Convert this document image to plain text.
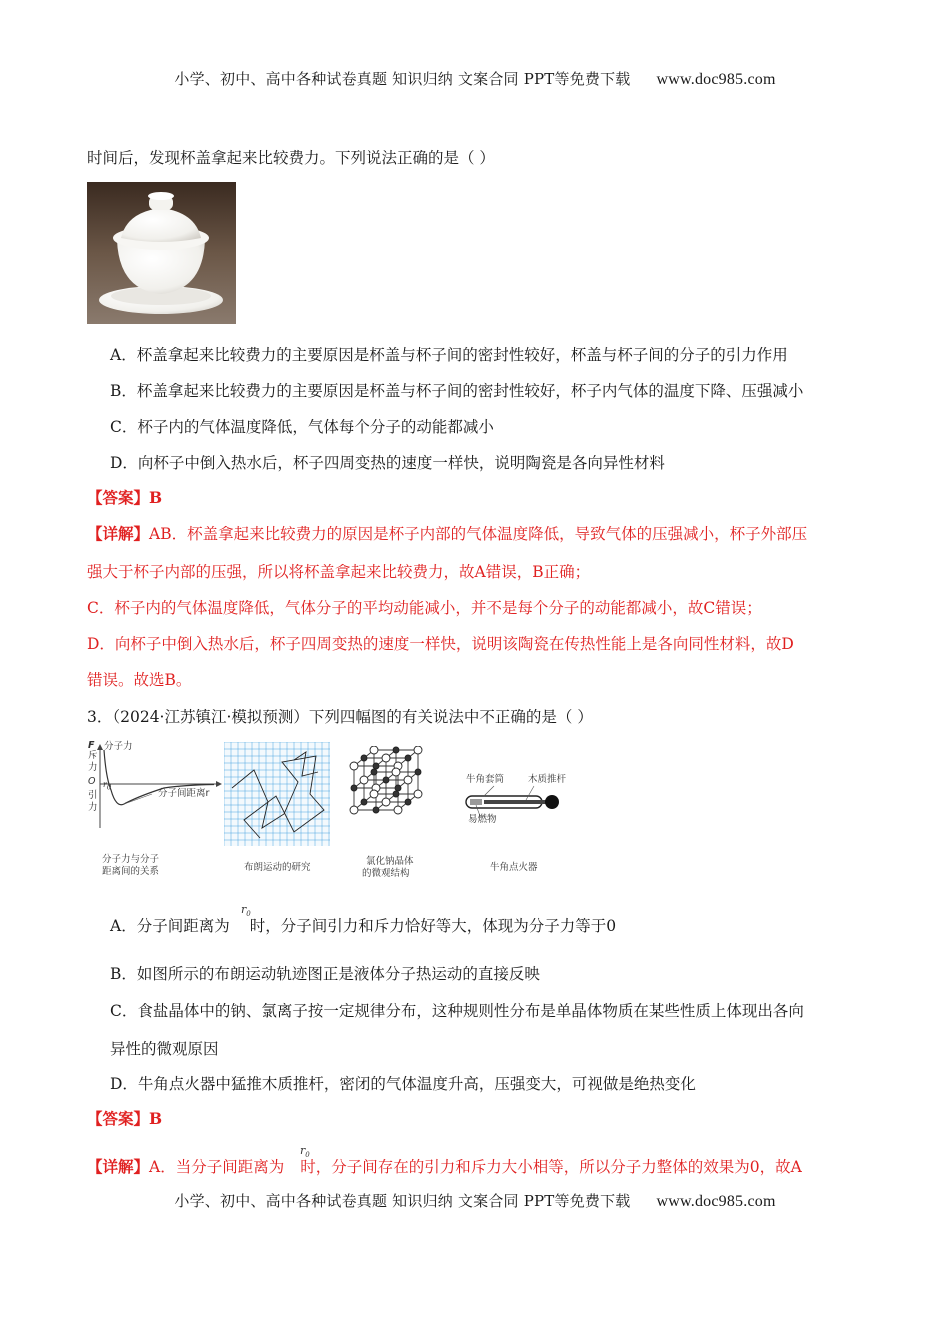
小学、初中、高中各种试卷真题 知识归纳 文案合同 PPT等免费下载 www.doc985.com
时间后，发现杯盖拿起来比较费力。下列说法正确的是（ ）
A．杯盖拿起来比较费力的主要原因是杯盖与杯子间的密封性较好，杯盖与杯子间的分子的引力作用
B．杯盖拿起来比较费力的主要原因是杯盖与杯子间的密封性较好，杯子内气体的温度下降、压强减小
C．杯子内的气体温度降低，气体每个分子的动能都减小
D．向杯子中倒入热水后，杯子四周变热的速度一样快，说明陶瓷是各向异性材料
【答案】B
【详解】AB．杯盖拿起来比较费力的原因是杯子内部的气体温度降低，导致气体的压强减小，杯子外部压
强大于杯子内部的压强，所以将杯盖拿起来比较费力，故A错误，B正确；
C．杯子内的气体温度降低，气体分子的平均动能减小，并不是每个分子的动能都减小，故C错误；
D．向杯子中倒入热水后，杯子四周变热的速度一样快，说明该陶瓷在传热性能上是各向同性材料，故D
错误。故选B。
3．（2024·江苏镇江·模拟预测）下列四幅图的有关说法中不正确的是（ ）
F
斥力
O
引力
$r_0$
分子力
分子间距离r
分子力与分子
距离间的关系	布朗运动的研究
氯化钠晶体
的微观结构
牛角套筒	木质推杆
易燃物
牛角点火器
A．分子间距离为 时，分子间引力和斥力恰好等大，体现为分子力等于0
$r_0$
B．如图所示的布朗运动轨迹图正是液体分子热运动的直接反映
C．食盐晶体中的钠、氯离子按一定规律分布，这种规则性分布是单晶体物质在某些性质上体现出各向
异性的微观原因
D．牛角点火器中猛推木质推杆，密闭的气体温度升高，压强变大，可视做是绝热变化
【答案】B
【详解】A．当分子间距离为 时，分子间存在的引力和斥力大小相等，所以分子力整体的效果为0，故A
$r_0$
小学、初中、高中各种试卷真题 知识归纳 文案合同 PPT等免费下载 www.doc985.com
